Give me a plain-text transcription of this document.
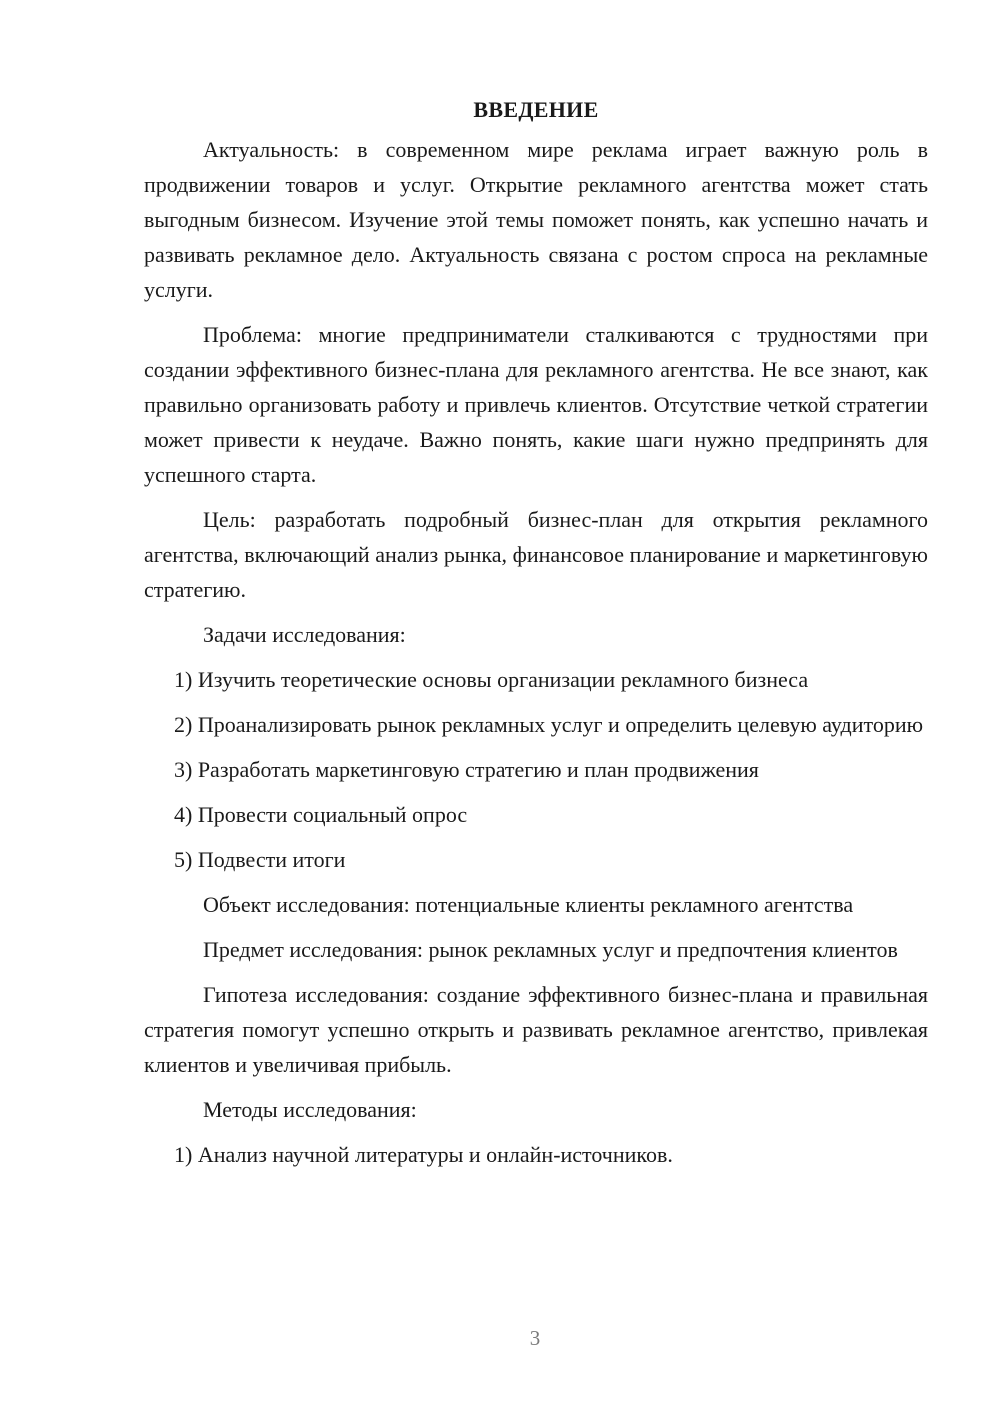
ВВЕДЕНИЕ

Актуальность: в современном мире реклама играет важную роль в продвижении товаров и услуг. Открытие рекламного агентства может стать выгодным бизнесом. Изучение этой темы поможет понять, как успешно начать и развивать рекламное дело. Актуальность связана с ростом спроса на рекламные услуги.

Проблема: многие предприниматели сталкиваются с трудностями при создании эффективного бизнес-плана для рекламного агентства. Не все знают, как правильно организовать работу и привлечь клиентов. Отсутствие четкой стратегии может привести к неудаче. Важно понять, какие шаги нужно предпринять для успешного старта.

Цель: разработать подробный бизнес-план для открытия рекламного агентства, включающий анализ рынка, финансовое планирование и маркетинговую стратегию.

Задачи исследования:

1) Изучить теоретические основы организации рекламного бизнеса

2) Проанализировать рынок рекламных услуг и определить целевую аудиторию

3) Разработать маркетинговую стратегию и план продвижения

4) Провести социальный опрос

5) Подвести итоги

Объект исследования: потенциальные клиенты рекламного агентства

Предмет исследования: рынок рекламных услуг и предпочтения клиентов

Гипотеза исследования: создание эффективного бизнес-плана и правильная стратегия помогут успешно открыть и развивать рекламное агентство, привлекая клиентов и увеличивая прибыль.

Методы исследования:

1) Анализ научной литературы и онлайн-источников.

3
